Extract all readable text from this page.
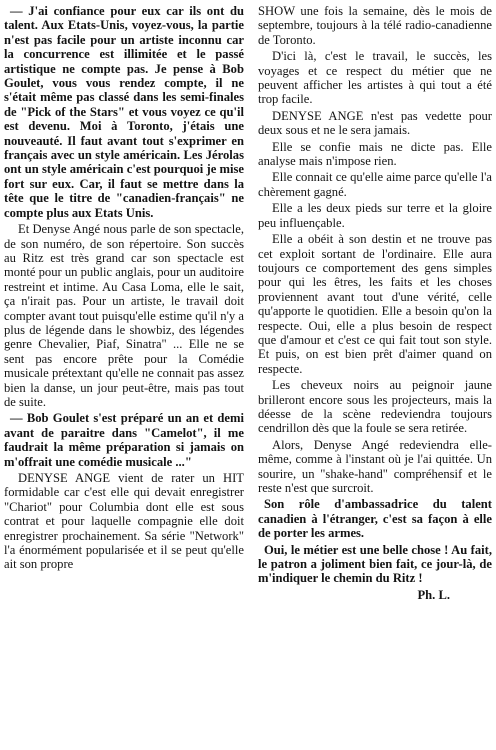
— J'ai confiance pour eux car ils ont du talent. Aux Etats-Unis, voyez-vous, la partie n'est pas facile pour un artiste inconnu car la concurrence est illimitée et le passé artistique ne compte pas. Je pense à Bob Goulet, vous vous rendez compte, il ne s'était même pas classé dans les semi-finales de "Pick of the Stars" et vous voyez ce qu'il est devenu. Moi à Toronto, j'étais une nouveauté. Il faut avant tout s'exprimer en français avec un style américain. Les Jérolas ont un style américain c'est pourquoi je mise fort sur eux. Car, il faut se mettre dans la tête que le titre de "canadien-français" ne compte plus aux Etats Unis.

Et Denyse Angé nous parle de son spectacle, de son numéro, de son répertoire. Son succès au Ritz est très grand car son spectacle est monté pour un public anglais, pour un auditoire restreint et intime. Au Casa Loma, elle le sait, ça n'irait pas. Pour un artiste, le travail doit compter avant tout puisqu'elle estime qu'il n'y a plus de légende dans le showbiz, des légendes genre Chevalier, Piaf, Sinatra" ... Elle ne se sent pas encore prête pour la Comédie musicale prétextant qu'elle ne connait pas assez bien la danse, un jour peut-être, mais pas tout de suite.

— Bob Goulet s'est préparé un an et demi avant de paraitre dans "Camelot", il me faudrait la même préparation si jamais on m'offrait une comédie musicale ..."

DENYSE ANGE vient de rater un HIT formidable car c'est elle qui devait enregistrer "Chariot" pour Columbia dont elle est sous contrat et pour laquelle compagnie elle doit enregistrer prochainement. Sa série "Network" l'a énormément popularisée et il se peut qu'elle ait son propre

SHOW une fois la semaine, dès le mois de septembre, toujours à la télé radio-canadienne de Toronto.

D'ici là, c'est le travail, le succès, les voyages et ce respect du métier que ne peuvent afficher les artistes à qui tout a été trop facile.

DENYSE ANGE n'est pas vedette pour deux sous et ne le sera jamais.

Elle se confie mais ne dicte pas. Elle analyse mais n'impose rien.

Elle connait ce qu'elle aime parce qu'elle l'a chèrement gagné.

Elle a les deux pieds sur terre et la gloire peu influençable.

Elle a obéit à son destin et ne trouve pas cet exploit sortant de l'ordinaire. Elle aura toujours ce comportement des gens simples pour qui les êtres, les faits et les choses proviennent avant tout d'une vérité, celle qu'apporte le quotidien. Elle a besoin qu'on la respecte. Oui, elle a plus besoin de respect que d'amour et c'est ce qui fait tout son style. Et puis, on est bien prêt d'aimer quand on respecte.

Les cheveux noirs au peignoir jaune brilleront encore sous les projecteurs, mais la déesse de la scène redeviendra toujours cendrillon dès que la foule se sera retirée.

Alors, Denyse Angé redeviendra elle-même, comme à l'instant où je l'ai quittée. Un sourire, un "shake-hand" compréhensif et le reste n'est que surcroit.

Son rôle d'ambassadrice du talent canadien à l'étranger, c'est sa façon à elle de porter les armes.

Oui, le métier est une belle chose ! Au fait, le patron a joliment bien fait, ce jour-là, de m'indiquer le chemin du Ritz !

Ph. L.
